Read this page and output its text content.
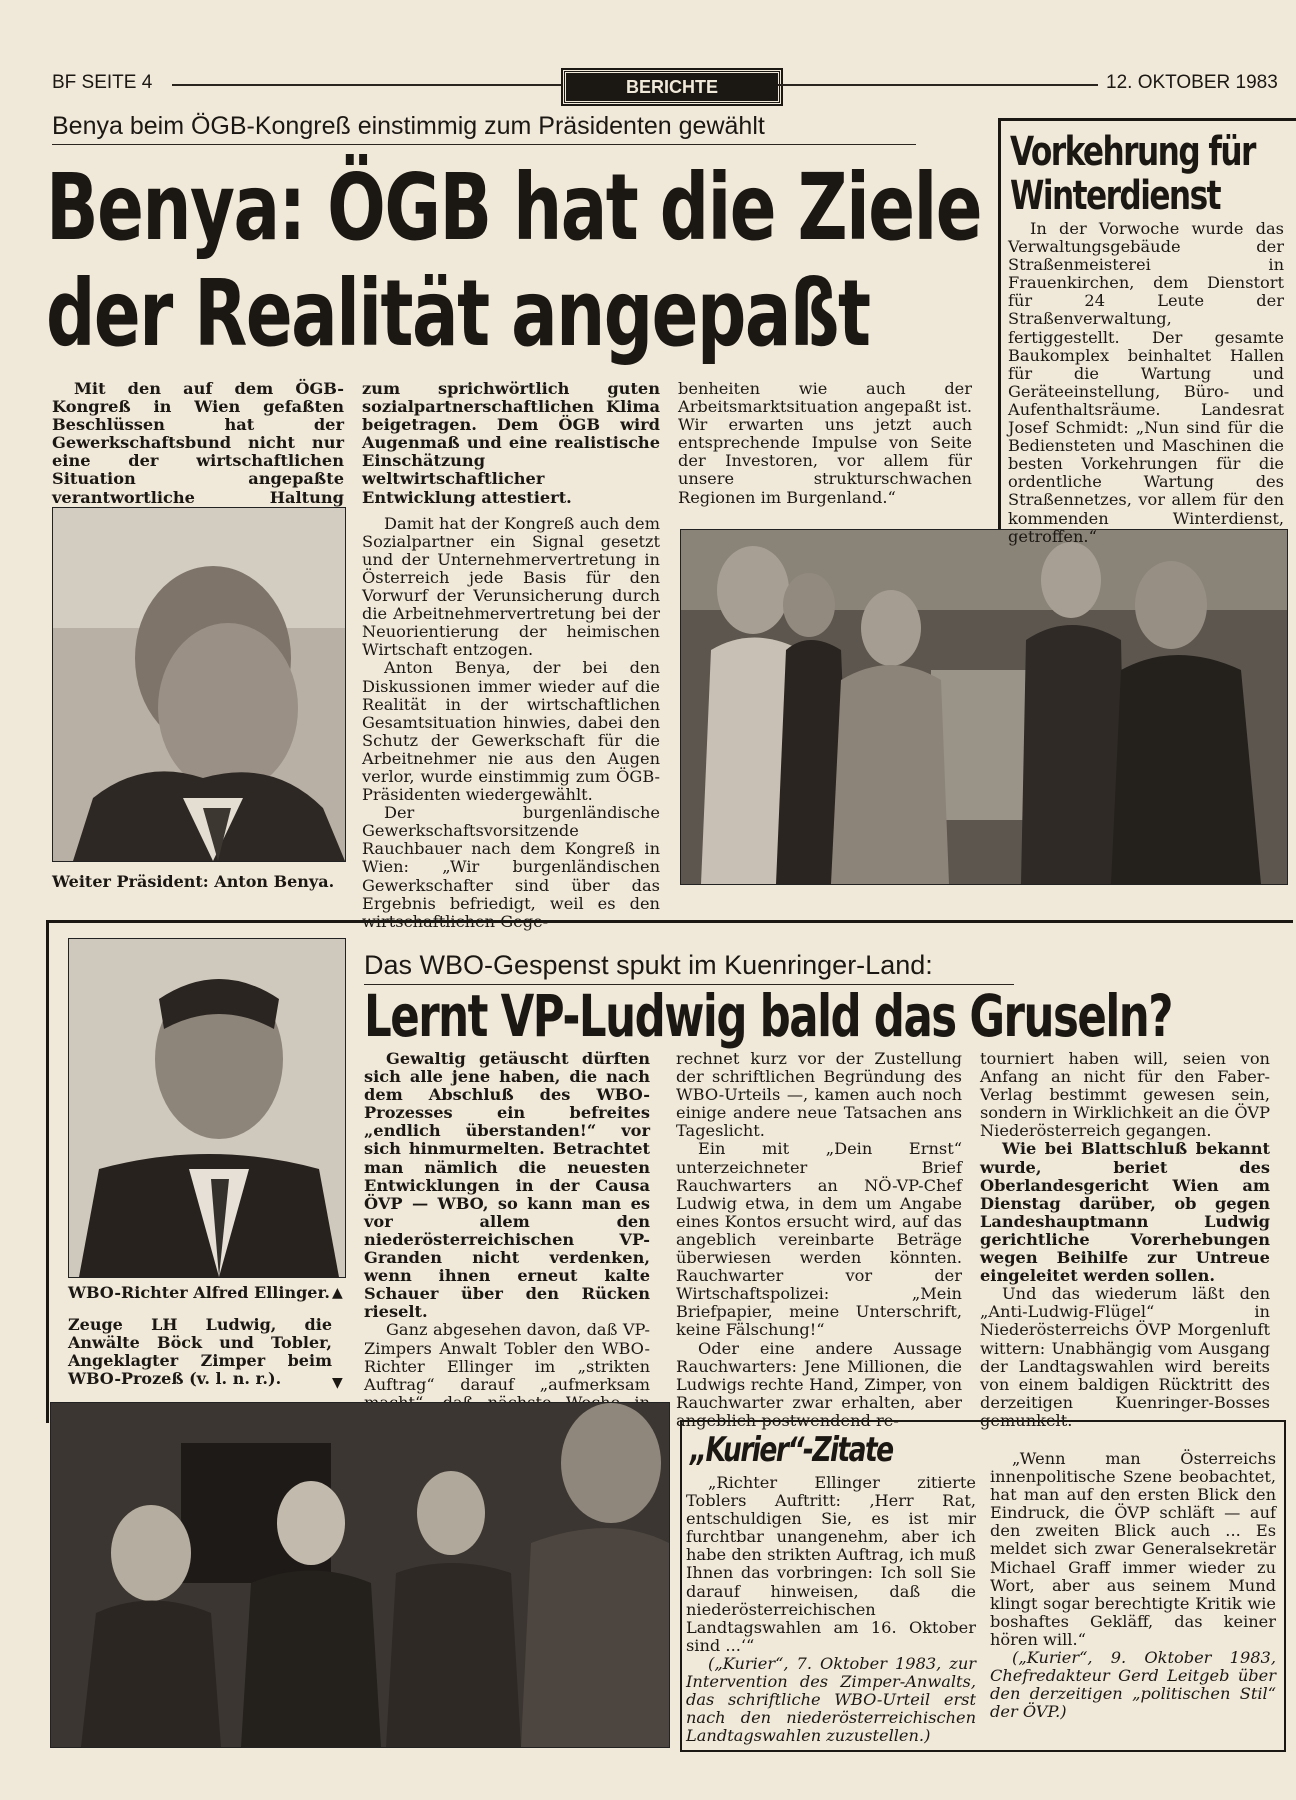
BF SEITE 4	BERICHTE	12. OKTOBER 1983
Benya beim ÖGB-Kongreß einstimmig zum Präsidenten gewählt
Benya: ÖGB hat die Ziele
der Realität angepaßt

Mit den auf dem ÖGB-Kongreß in Wien gefaßten Beschlüssen hat der Gewerkschaftsbund nicht nur eine der wirtschaftlichen Situation angepaßte verantwortliche Haltung

Weiter Präsident: Anton Benya.

zum sprichwörtlich guten sozialpartnerschaftlichen Klima beigetragen. Dem ÖGB wird Augenmaß und eine realistische Einschätzung weltwirtschaftlicher Entwicklung attestiert.

Damit hat der Kongreß auch dem Sozialpartner ein Signal gesetzt und der Unternehmervertretung in Österreich jede Basis für den Vorwurf der Verunsicherung durch die Arbeitnehmervertretung bei der Neuorientierung der heimischen Wirtschaft entzogen.

Anton Benya, der bei den Diskussionen immer wieder auf die Realität in der wirtschaftlichen Gesamtsituation hinwies, dabei den Schutz der Gewerkschaft für die Arbeitnehmer nie aus den Augen verlor, wurde einstimmig zum ÖGB-Präsidenten wiedergewählt.

Der burgenländische Gewerkschaftsvorsitzende Rauchbauer nach dem Kongreß in Wien: „Wir burgenländischen Gewerkschafter sind über das Ergebnis befriedigt, weil es den wirtschaftlichen Gege-

benheiten wie auch der Arbeitsmarktsituation angepaßt ist. Wir erwarten uns jetzt auch entsprechende Impulse von Seite der Investoren, vor allem für unsere strukturschwachen Regionen im Burgenland.“

Vorkehrung für
Winterdienst

In der Vorwoche wurde das Verwaltungsgebäude der Straßenmeisterei in Frauenkirchen, dem Dienstort für 24 Leute der Straßenverwaltung, fertiggestellt. Der gesamte Baukomplex beinhaltet Hallen für die Wartung und Geräteeinstellung, Büro- und Aufenthaltsräume. Landesrat Josef Schmidt: „Nun sind für die Bediensteten und Maschinen die besten Vorkehrungen für die ordentliche Wartung des Straßennetzes, vor allem für den kommenden Winterdienst, getroffen.“

WBO-Richter Alfred Ellinger. ▲
Zeuge LH Ludwig, die Anwälte Böck und Tobler, Angeklagter Zimper beim WBO-Prozeß (v. l. n. r.).	▼
Das WBO-Gespenst spukt im Kuenringer-Land:
Lernt VP-Ludwig bald das Gruseln?

Gewaltig getäuscht dürften sich alle jene haben, die nach dem Abschluß des WBO-Prozesses ein befreites „endlich überstanden!“ vor sich hinmurmelten. Betrachtet man nämlich die neuesten Entwicklungen in der Causa ÖVP — WBO, so kann man es vor allem den niederösterreichischen VP-Granden nicht verdenken, wenn ihnen erneut kalte Schauer über den Rücken rieselt.

Ganz abgesehen davon, daß VP-Zimpers Anwalt Tobler den WBO-Richter Ellinger im „strikten Auftrag“ darauf „aufmerksam

rechnet kurz vor der Zustellung der schriftlichen Begründung des WBO-Urteils —, kamen auch noch einige andere neue Tatsachen ans Tageslicht.

Ein mit „Dein Ernst“ unterzeichneter Brief Rauchwarters an NÖ-VP-Chef Ludwig etwa, in dem um Angabe eines Kontos ersucht wird, auf das angeblich vereinbarte Beträge überwiesen werden könnten. Rauchwarter vor der Wirtschaftspolizei: „Mein Briefpapier, meine Unterschrift, keine Fälschung!“

Oder eine andere Aussage Rauchwarters: Jene Millionen, die Ludwigs rechte Hand, Zimper, von Rauchwarter zwar erhalten, aber angeblich postwendend re-

tourniert haben will, seien von Anfang an nicht für den Faber-Verlag bestimmt gewesen sein, sondern in Wirklichkeit an die ÖVP Niederösterreich gegangen.

Wie bei Blattschluß bekannt wurde, beriet des Oberlandesgericht Wien am Dienstag darüber, ob gegen Landeshauptmann Ludwig gerichtliche Vorerhebungen wegen Beihilfe zur Untreue eingeleitet werden sollen.

Und das wiederum läßt den „Anti-Ludwig-Flügel“ in Niederösterreichs ÖVP Morgenluft wittern: Unabhängig vom Ausgang der Landtagswahlen wird bereits von einem baldigen Rücktritt des derzeitigen Kuenringer-Bosses gemunkelt.

„Kurier“-Zitate

„Richter Ellinger zitierte Toblers Auftritt: ‚Herr Rat, entschuldigen Sie, es ist mir furchtbar unangenehm, aber ich habe den strikten Auftrag, ich muß Ihnen das vorbringen: Ich soll Sie darauf hinweisen, daß die niederösterreichischen Landtagswahlen am 16. Oktober sind ...‘“

(„Kurier“, 7. Oktober 1983, zur Intervention des Zimper-Anwalts, das schriftliche WBO-Urteil erst nach den niederösterreichischen Landtagswahlen zuzustellen.)

„Wenn man Österreichs innenpolitische Szene beobachtet, hat man auf den ersten Blick den Eindruck, die ÖVP schläft — auf den zweiten Blick auch ... Es meldet sich zwar Generalsekretär Michael Graff immer wieder zu Wort, aber aus seinem Mund klingt sogar berechtigte Kritik wie boshaftes Gekläff, das keiner hören will.“

(„Kurier“, 9. Oktober 1983, Chefredakteur Gerd Leitgeb über den derzeitigen „politischen Stil“ der ÖVP.)
